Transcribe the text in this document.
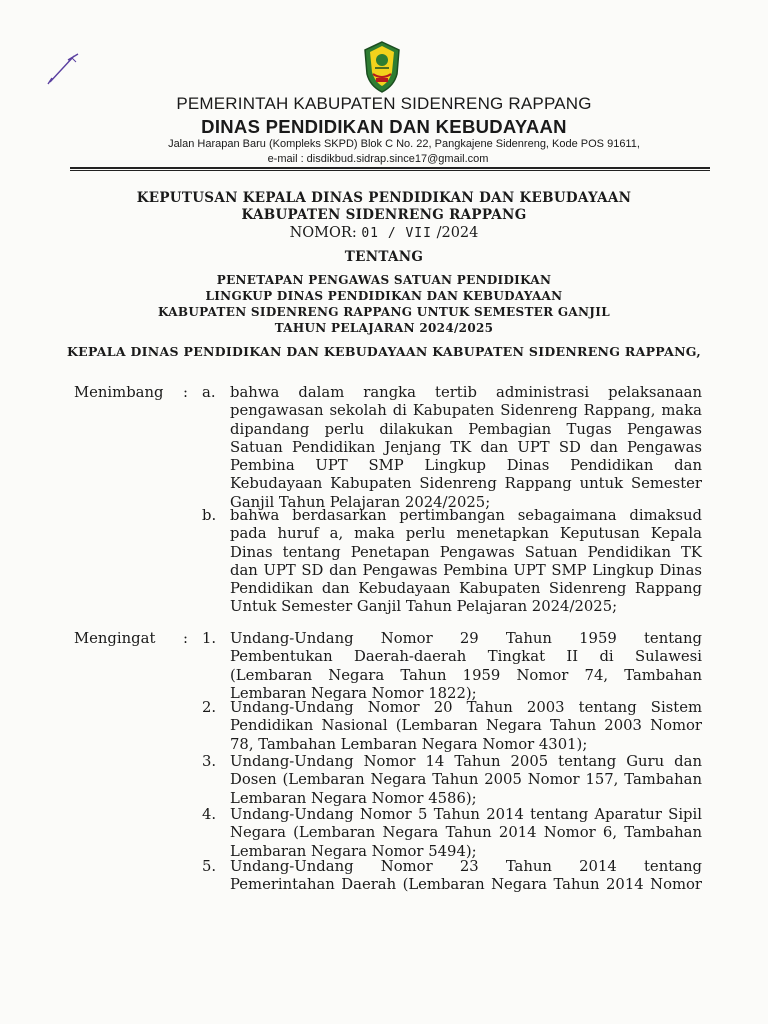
PEMERINTAH KABUPATEN SIDENRENG RAPPANG
DINAS PENDIDIKAN DAN KEBUDAYAAN
Jalan Harapan Baru (Kompleks SKPD) Blok C No. 22, Pangkajene Sidenreng, Kode POS 91611,
e-mail : disdikbud.sidrap.since17@gmail.com
KEPUTUSAN KEPALA DINAS PENDIDIKAN DAN KEBUDAYAAN
KABUPATEN SIDENRENG RAPPANG
NOMOR: 01 / VII /2024
TENTANG
PENETAPAN PENGAWAS SATUAN PENDIDIKAN
LINGKUP DINAS PENDIDIKAN DAN KEBUDAYAAN
KABUPATEN SIDENRENG RAPPANG UNTUK SEMESTER GANJIL
TAHUN PELAJARAN 2024/2025
KEPALA DINAS PENDIDIKAN DAN KEBUDAYAAN KABUPATEN SIDENRENG RAPPANG,
Menimbang : a. bahwa dalam rangka tertib administrasi pelaksanaan
pengawasan sekolah di Kabupaten Sidenreng Rappang, maka
dipandang perlu dilakukan Pembagian Tugas Pengawas
Satuan Pendidikan Jenjang TK dan UPT SD dan Pengawas
Pembina UPT SMP Lingkup Dinas Pendidikan dan
Kebudayaan Kabupaten Sidenreng Rappang untuk Semester
Ganjil Tahun Pelajaran 2024/2025;
b. bahwa berdasarkan pertimbangan sebagaimana dimaksud
pada huruf a, maka perlu menetapkan Keputusan Kepala
Dinas tentang Penetapan Pengawas Satuan Pendidikan TK
dan UPT SD dan Pengawas Pembina UPT SMP Lingkup Dinas
Pendidikan dan Kebudayaan Kabupaten Sidenreng Rappang
Untuk Semester Ganjil Tahun Pelajaran 2024/2025;
Mengingat : 1. Undang-Undang Nomor 29 Tahun 1959 tentang
Pembentukan Daerah-daerah Tingkat II di Sulawesi
(Lembaran Negara Tahun 1959 Nomor 74, Tambahan
Lembaran Negara Nomor 1822);
2. Undang-Undang Nomor 20 Tahun 2003 tentang Sistem
Pendidikan Nasional (Lembaran Negara Tahun 2003 Nomor
78, Tambahan Lembaran Negara Nomor 4301);
3. Undang-Undang Nomor 14 Tahun 2005 tentang Guru dan
Dosen (Lembaran Negara Tahun 2005 Nomor 157, Tambahan
Lembaran Negara Nomor 4586);
4. Undang-Undang Nomor 5 Tahun 2014 tentang Aparatur Sipil
Negara (Lembaran Negara Tahun 2014 Nomor 6, Tambahan
Lembaran Negara Nomor 5494);
5. Undang-Undang Nomor 23 Tahun 2014 tentang
Pemerintahan Daerah (Lembaran Negara Tahun 2014 Nomor
